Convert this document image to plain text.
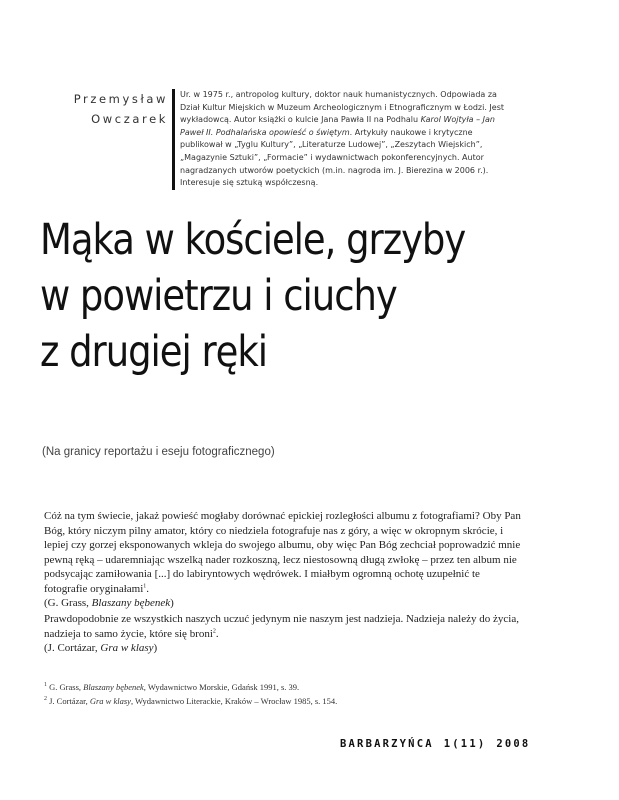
Przemysław
Owczarek
Ur. w 1975 r., antropolog kultury, doktor nauk humanistycznych. Odpowiada za Dział Kultur Miejskich w Muzeum Archeologicznym i Etnograficznym w Łodzi. Jest wykładowcą. Autor książki o kulcie Jana Pawła II na Podhalu Karol Wojtyła – Jan Paweł II. Podhalańska opowieść o świętym. Artykuły naukowe i krytyczne publikował w „Tyglu Kultury”, „Literaturze Ludowej”, „Zeszytach Wiejskich”, „Magazynie Sztuki”, „Formacie” i wydawnictwach pokonferencyjnych. Autor nagradzanych utworów poetyckich (m.in. nagroda im. J. Bierezina w 2006 r.). Interesuje się sztuką współczesną.
Mąka w kościele, grzyby
w powietrzu i ciuchy
z drugiej ręki
(Na granicy reportażu i eseju fotograficznego)

Cóż na tym świecie, jakaż powieść mogłaby dorównać epickiej rozległości albumu z fotografiami? Oby Pan Bóg, który niczym pilny amator, który co niedziela fotografuje nas z góry, a więc w okropnym skrócie, i lepiej czy gorzej eksponowanych wkleja do swojego albumu, oby więc Pan Bóg zechciał poprowadzić mnie pewną ręką – udaremniając wszelką nader rozkoszną, lecz niestosowną długą zwłokę – przez ten album nie podsycając zamiłowania [...] do labiryntowych wędrówek. I miałbym ogromną ochotę uzupełnić te fotografie oryginałami$^1$.

(G. Grass, Blaszany bębenek)

Prawdopodobnie ze wszystkich naszych uczuć jedynym nie naszym jest nadzieja. Nadzieja należy do życia, nadzieja to samo życie, które się broni$^2$.

(J. Cortázar, Gra w klasy)

$^1$ G. Grass, Blaszany bębenek, Wydawnictwo Morskie, Gdańsk 1991, s. 39.

$^2$ J. Cortázar, Gra w klasy, Wydawnictwo Literackie, Kraków – Wrocław 1985, s. 154.

BARBARZYŃCA 1(11) 2008
